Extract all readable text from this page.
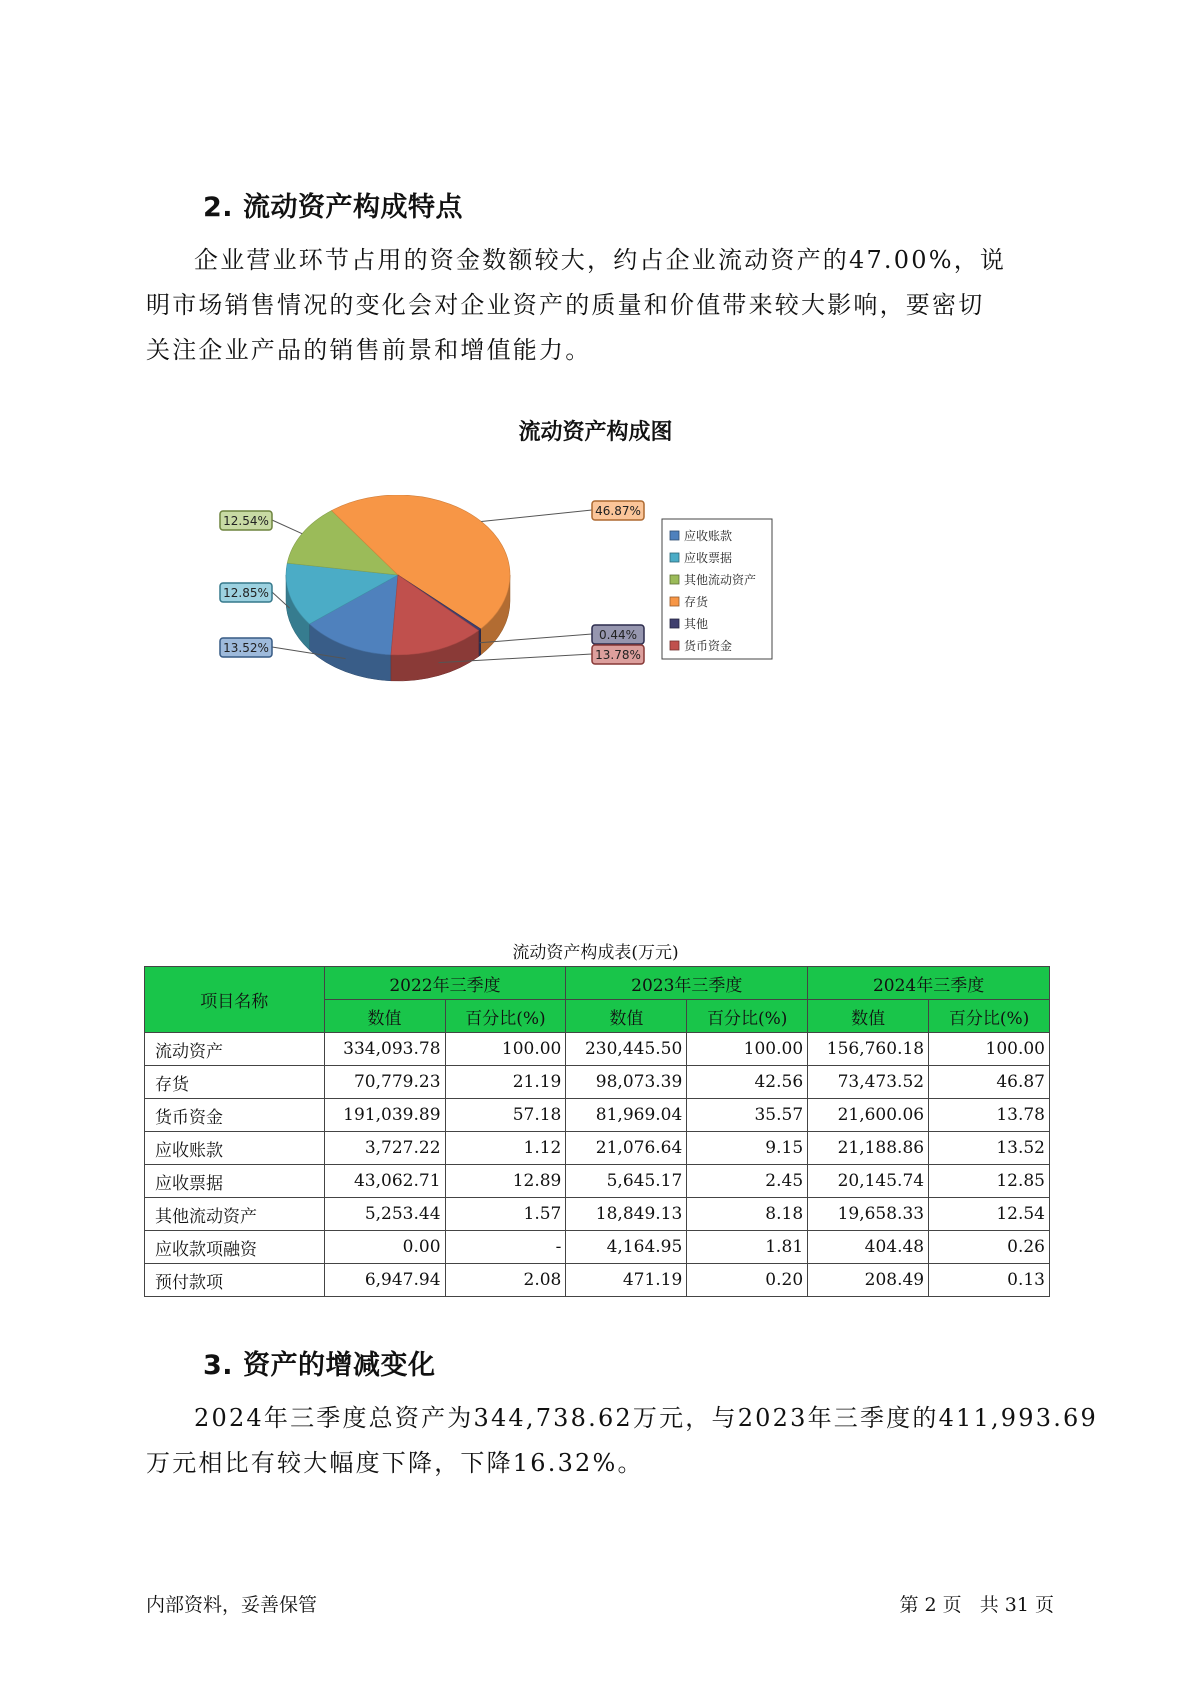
2. 流动资产构成特点
企业营业环节占用的资金数额较大，约占企业流动资产的47.00%，说
明市场销售情况的变化会对企业资产的质量和价值带来较大影响，要密切
关注企业产品的销售前景和增值能力。
流动资产构成图
13.52%
12.85%
12.54%
46.87%
0.44%
13.78%
应收账款
应收票据
其他流动资产
存货
其他
货币资金
流动资产构成表(万元)
项目名称	2022年三季度		2023年三季度		2024年三季度	
	数值	百分比(%)	数值	百分比(%)	数值	百分比(%)
流动资产	334,093.78	100.00	230,445.50	100.00	156,760.18	100.00
存货	70,779.23	21.19	98,073.39	42.56	73,473.52	46.87
货币资金	191,039.89	57.18	81,969.04	35.57	21,600.06	13.78
应收账款	3,727.22	1.12	21,076.64	9.15	21,188.86	13.52
应收票据	43,062.71	12.89	5,645.17	2.45	20,145.74	12.85
其他流动资产	5,253.44	1.57	18,849.13	8.18	19,658.33	12.54
应收款项融资	0.00	-	4,164.95	1.81	404.48	0.26
预付款项	6,947.94	2.08	471.19	0.20	208.49	0.13
3. 资产的增减变化
2024年三季度总资产为344,738.62万元，与2023年三季度的411,993.69
万元相比有较大幅度下降，下降16.32%。
内部资料，妥善保管	第 2 页   共 31 页
